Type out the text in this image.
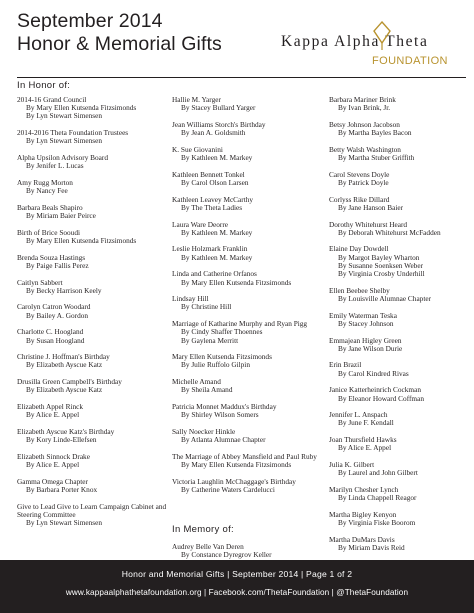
September 2014
Honor & Memorial Gifts	Kappa Alpha Theta
FOUNDATION
In Honor of:
2014-16 Grand Council
By Mary Ellen Kutsenda Fitzsimonds
By Lyn Stewart Simensen
2014-2016 Theta Foundation Trustees
By Lyn Stewart Simensen
Alpha Upsilon Advisory Board
By Jenifer L. Lucas
Amy Rugg Morton
By Nancy Fee
Barbara Beals Shapiro
By Miriam Baier Peirce
Birth of Brice Sooudi
By Mary Ellen Kutsenda Fitzsimonds
Brenda Souza Hastings
By Paige Fallis Perez
Caitlyn Sabbert
By Becky Harrison Keely
Carolyn Catron Woodard
By Bailey A. Gordon
Charlotte C. Hoogland
By Susan Hoogland
Christine J. Hoffman's Birthday
By Elizabeth Ayscue Katz
Drusilla Green Campbell's Birthday
By Elizabeth Ayscue Katz
Elizabeth Appel Rinck
By Alice E. Appel
Elizabeth Ayscue Katz's Birthday
By Kory Linde-Ellefsen
Elizabeth Sinnock Drake
By Alice E. Appel
Gamma Omega Chapter
By Barbara Porter Knox
Give to Lead Give to Learn Campaign Cabinet and Steering Committee
By Lyn Stewart Simensen
Hallie M. Yarger
By Stacey Bullard Yarger
Jean Williams Storch's Birthday
By Jean A. Goldsmith
K. Sue Giovanini
By Kathleen M. Markey
Kathleen Bennett Tonkel
By Carol Olson Larsen
Kathleen Leavey McCarthy
By The Theta Ladies
Laura Ware Deorre
By Kathleen M. Markey
Leslie Holzmark Franklin
By Kathleen M. Markey
Linda and Catherine Orfanos
By Mary Ellen Kutsenda Fitzsimonds
Lindsay Hill
By Christine Hill
Marriage of Katharine Murphy and Ryan Pigg
By Cindy Shaffer Thoennes
By Gaylena Merritt
Mary Ellen Kutsenda Fitzsimonds
By Julie Ruffolo Gilpin
Michelle Amand
By Sheila Amand
Patricia Monnet Maddux's Birthday
By Shirley Wilson Somers
Sally Noecker Hinkle
By Atlanta Alumnae Chapter
The Marriage of Abbey Mansfield and Paul Ruby
By Mary Ellen Kutsenda Fitzsimonds
Victoria Laughlin McChaggage's Birthday
By Catherine Waters Cardelucci
Barbara Mariner Brink
By Ivan Brink, Jr.
Betsy Johnson Jacobson
By Martha Bayles Bacon
Betty Walsh Washington
By Martha Stuber Griffith
Carol Stevens Doyle
By Patrick Doyle
Corlyss Rike Dillard
By Jane Hanson Baier
Dorothy Whitehurst Heard
By Deborah Whitehurst McFadden
Elaine Day Dowdell
By Margot Bayley Wharton
By Susanne Soenksen Weber
By Virginia Crosby Underhill
Ellen Beebee Shelby
By Louisville Alumnae Chapter
Emily Waterman Teska
By Stacey Johnson
Emmajean Higley Green
By Jane Wilson Durie
Erin Brazil
By Carol Kindred Rivas
Janice Katterheinrich Cockman
By Eleanor Howard Coffman
Jennifer L. Anspach
By June F. Kendall
Joan Thursfield Hawks
By Alice E. Appel
Julia K. Gilbert
By Laurel and John Gilbert
Marilyn Chesher Lynch
By Linda Chappell Reagor
Martha Bigley Kenyon
By Virginia Fiske Boorom
Martha DuMars Davis
By Miriam Davis Reid
In Memory of:
Audrey Belle Van Deren
By Constance Dyregrov Keller
Honor and Memorial Gifts | September 2014 | Page 1 of 2
www.kappaalphathetafoundation.org | Facebook.com/ThetaFoundation | @ThetaFoundation
